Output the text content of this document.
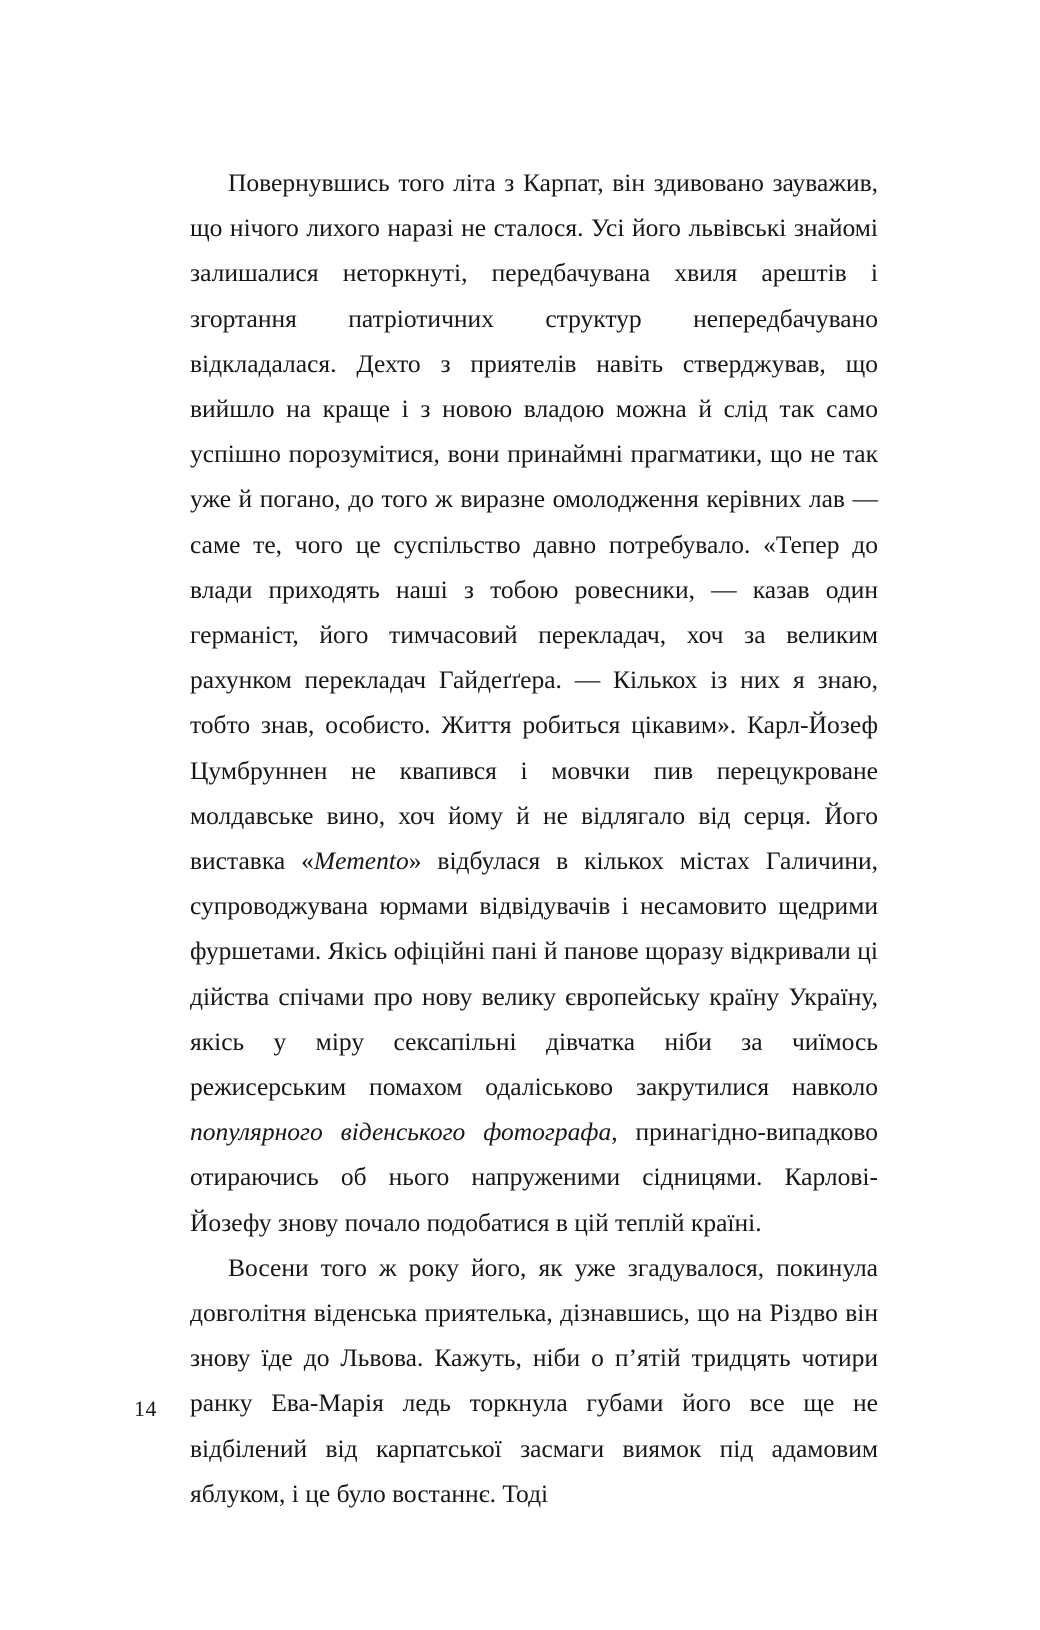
Повернувшись того літа з Карпат, він здивовано зауважив, що нічого лихого наразі не сталося. Усі його львівські знайомі залишалися неторкнуті, передбачувана хвиля арештів і згортання патріотичних структур непередбачувано відкладалася. Дехто з приятелів навіть стверджував, що вийшло на краще і з новою владою можна й слід так само успішно порозумітися, вони принаймні прагматики, що не так уже й погано, до того ж виразне омолодження керівних лав — саме те, чого це суспільство давно потребувало. «Тепер до влади приходять наші з тобою ровесники, — казав один германіст, його тимчасовий перекладач, хоч за великим рахунком перекладач Гайдеґґера. — Кількох із них я знаю, тобто знав, особисто. Життя робиться цікавим». Карл-Йозеф Цумбруннен не квапився і мовчки пив перецукроване молдавське вино, хоч йому й не відлягало від серця. Його виставка «Memento» відбулася в кількох містах Галичини, супроводжувана юрмами відвідувачів і несамовито щедрими фуршетами. Якісь офіційні пані й панове щоразу відкривали ці дійства спічами про нову велику європейську країну Україну, якісь у міру сексапільні дівчатка ніби за чиїмось режисерським помахом одаліськово закрутилися навколо популярного віденського фотографа, принагідно-випадково отираючись об нього напруженими сідницями. Карлові-Йозефу знову почало подобатися в цій теплій країні.

Восени того ж року його, як уже згадувалося, покинула довголітня віденська приятелька, дізнавшись, що на Різдво він знову їде до Львова. Кажуть, ніби о п’ятій тридцять чотири ранку Ева-Марія ледь торкнула губами його все ще не відбілений від карпатської засмаги виямок під адамовим яблуком, і це було востаннє. Тоді

14
